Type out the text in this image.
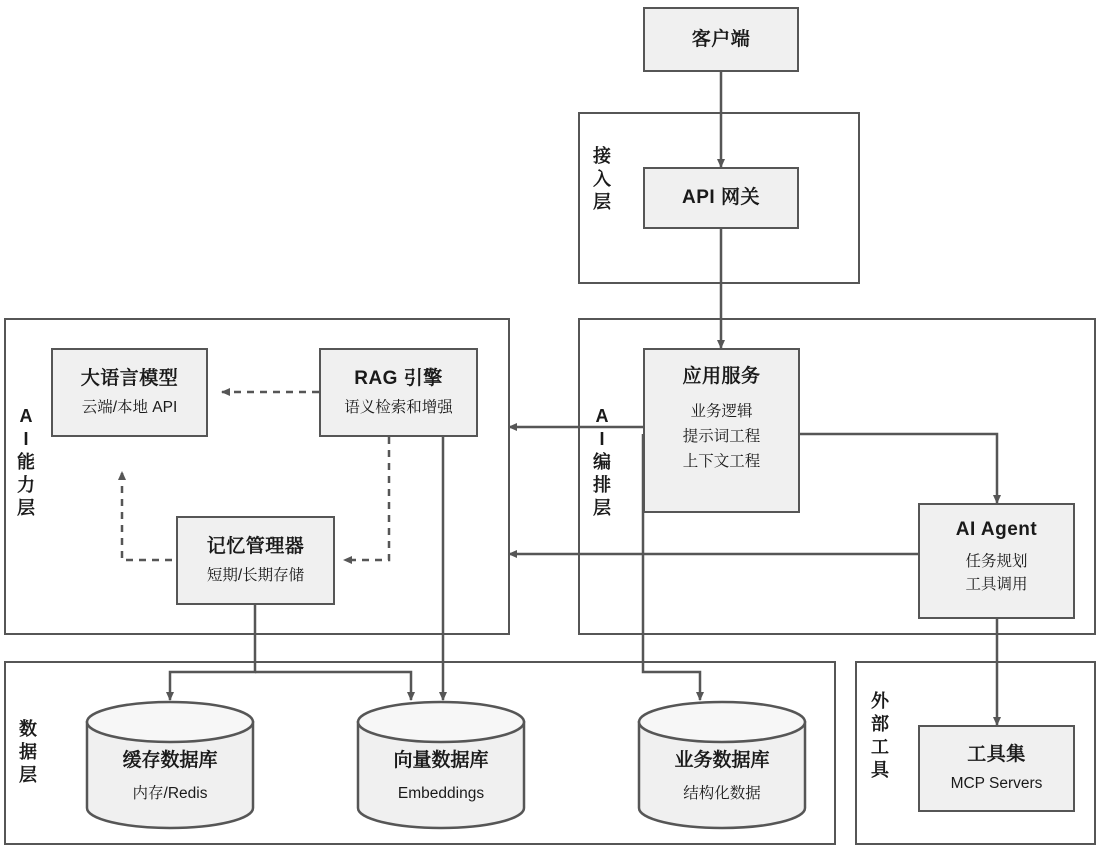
接
入
层
A
I
能
力
层
A
I
编
排
层
数
据
层
外
部
工
具
客户端
API 网关
应用服务
业务逻辑
提示词工程
上下文工程
AI Agent
任务规划
工具调用
大语言模型
云端/本地 API
RAG 引擎
语义检索和增强
记忆管理器
短期/长期存储
工具集
MCP Servers
缓存数据库
内存/Redis
向量数据库
Embeddings
业务数据库
结构化数据
